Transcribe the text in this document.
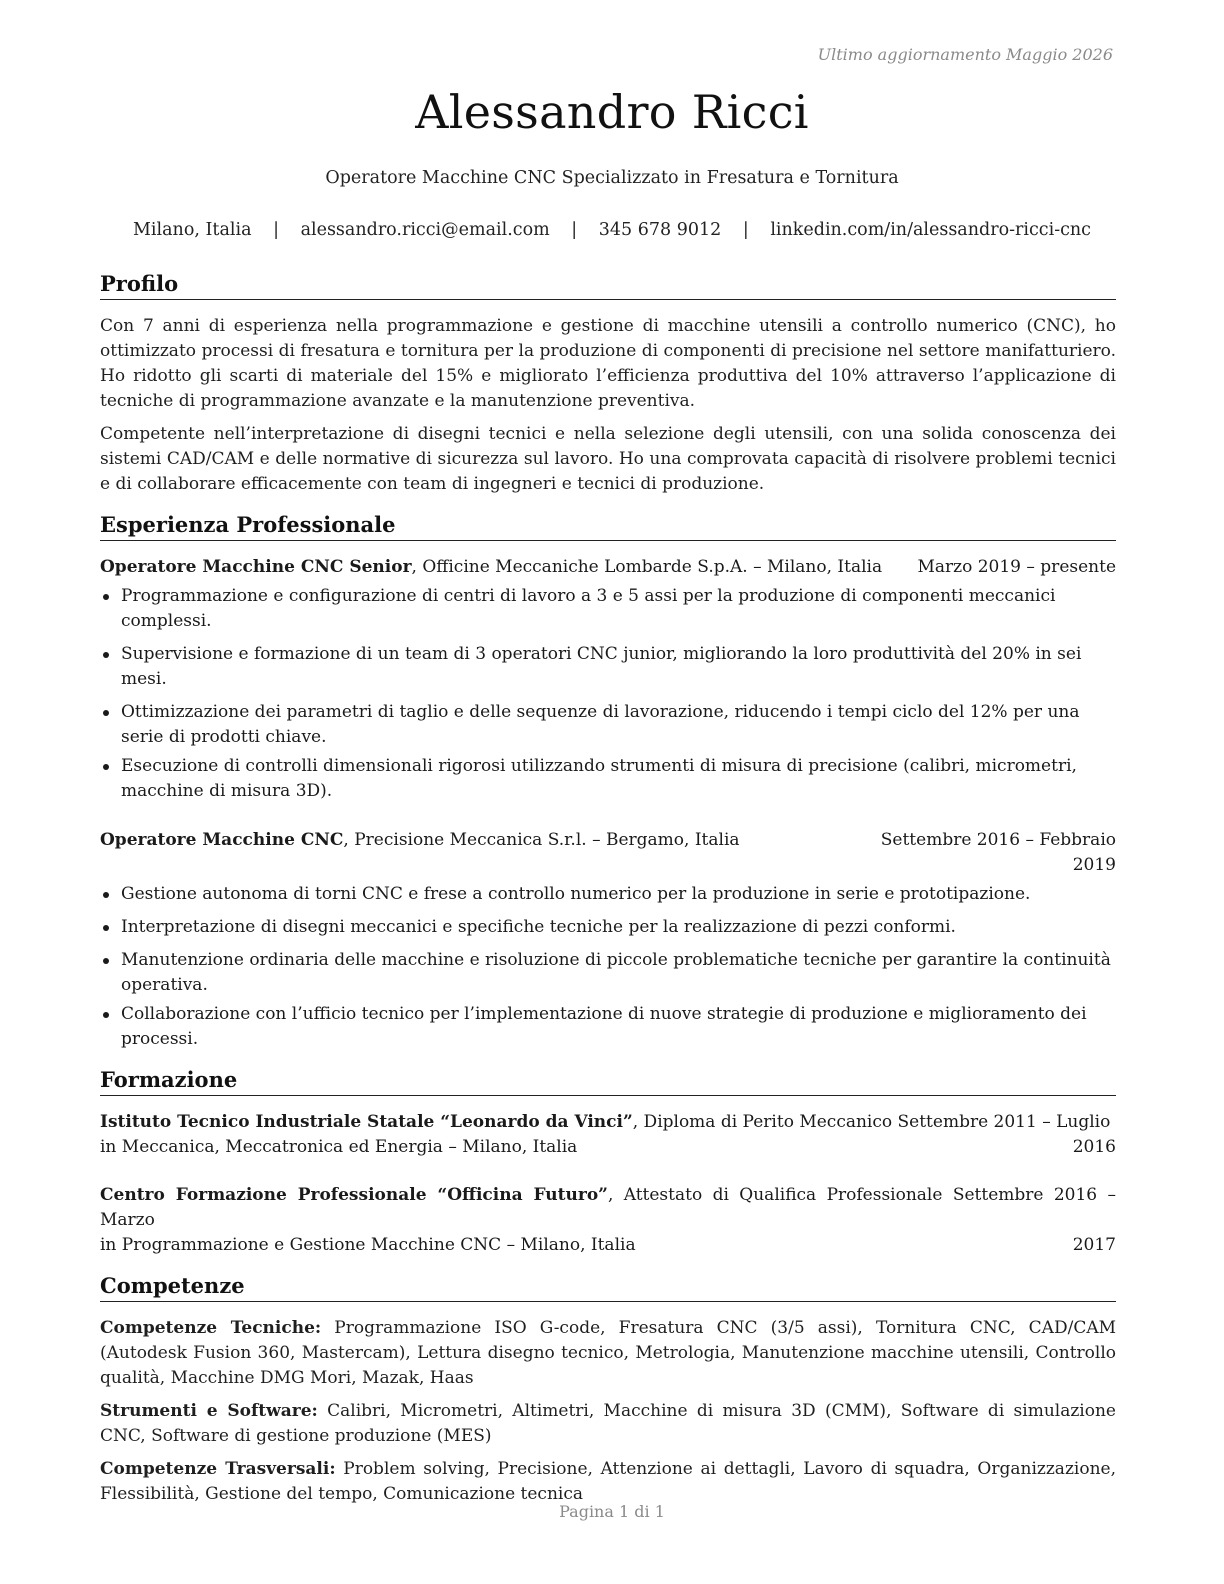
Ultimo aggiornamento Maggio 2026
Alessandro Ricci
Operatore Macchine CNC Specializzato in Fresatura e Tornitura
Milano, Italia | alessandro.ricci@email.com | 345 678 9012 | linkedin.com/in/alessandro-ricci-cnc
Profilo

Con 7 anni di esperienza nella programmazione e gestione di macchine utensili a controllo numerico (CNC), ho ottimizzato processi di fresatura e tornitura per la produzione di componenti di precisione nel settore manifatturiero. Ho ridotto gli scarti di materiale del 15% e migliorato l’efficienza produttiva del 10% attraverso l’applicazione di tecniche di programmazione avanzate e la manutenzione preventiva.

Competente nell’interpretazione di disegni tecnici e nella selezione degli utensili, con una solida conoscenza dei sistemi CAD/CAM e delle normative di sicurezza sul lavoro. Ho una comprovata capacità di risolvere problemi tecnici e di collaborare efficacemente con team di ingegneri e tecnici di produzione.

Esperienza Professionale
Operatore Macchine CNC Senior, Officine Meccaniche Lombarde S.p.A. – Milano, Italia	Marzo 2019 – presente
Programmazione e configurazione di centri di lavoro a 3 e 5 assi per la produzione di componenti meccanici complessi.
Supervisione e formazione di un team di 3 operatori CNC junior, migliorando la loro produttività del 20% in sei mesi.
Ottimizzazione dei parametri di taglio e delle sequenze di lavorazione, riducendo i tempi ciclo del 12% per una serie di prodotti chiave.
Esecuzione di controlli dimensionali rigorosi utilizzando strumenti di misura di precisione (calibri, micrometri, macchine di misura 3D).
Operatore Macchine CNC, Precisione Meccanica S.r.l. – Bergamo, Italia	Settembre 2016 – Febbraio 2019
Gestione autonoma di torni CNC e frese a controllo numerico per la produzione in serie e prototipazione.
Interpretazione di disegni meccanici e specifiche tecniche per la realizzazione di pezzi conformi.
Manutenzione ordinaria delle macchine e risoluzione di piccole problematiche tecniche per garantire la continuità operativa.
Collaborazione con l’ufficio tecnico per l’implementazione di nuove strategie di produzione e miglioramento dei processi.
Formazione

Istituto Tecnico Industriale Statale “Leonardo da Vinci”, Diploma di Perito Meccanico Settembre 2011 – Luglio

in Meccanica, Meccatronica ed Energia – Milano, Italia	2016

Centro Formazione Professionale “Officina Futuro”, Attestato di Qualifica Professionale Settembre 2016 – Marzo

in Programmazione e Gestione Macchine CNC – Milano, Italia	2017
Competenze

Competenze Tecniche: Programmazione ISO G-code, Fresatura CNC (3/5 assi), Tornitura CNC, CAD/CAM (Autodesk Fusion 360, Mastercam), Lettura disegno tecnico, Metrologia, Manutenzione macchine utensili, Controllo qualità, Macchine DMG Mori, Mazak, Haas

Strumenti e Software: Calibri, Micrometri, Altimetri, Macchine di misura 3D (CMM), Software di simulazione CNC, Software di gestione produzione (MES)

Competenze Trasversali: Problem solving, Precisione, Attenzione ai dettagli, Lavoro di squadra, Organizzazione, Flessibilità, Gestione del tempo, Comunicazione tecnica

Pagina 1 di 1
